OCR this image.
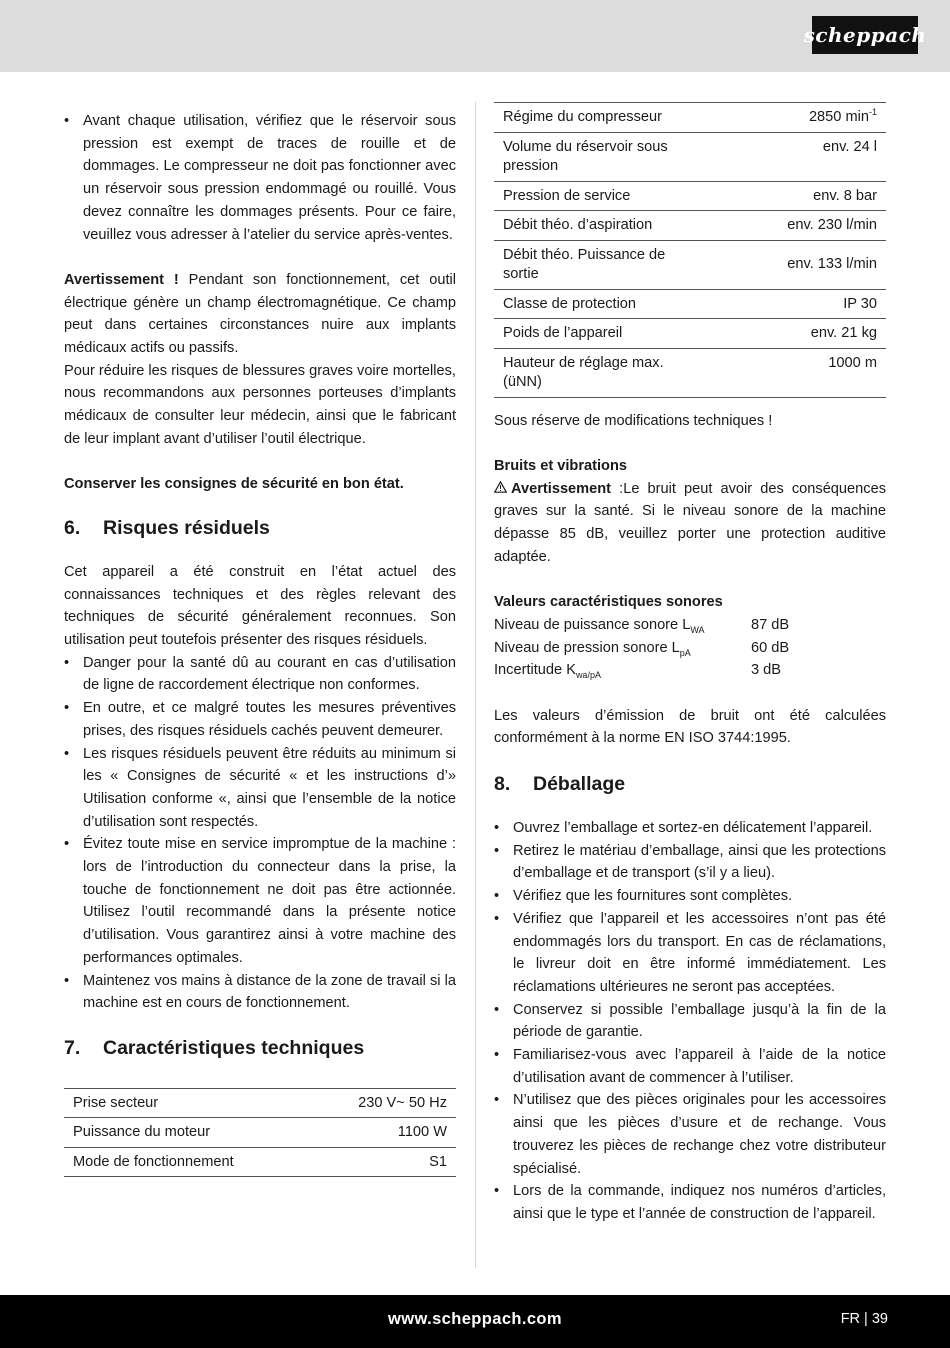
scheppach
• Avant chaque utilisation, vérifiez que le réservoir sous pression est exempt de traces de rouille et de dommages. Le compresseur ne doit pas fonctionner avec un réservoir sous pression endommagé ou rouillé. Vous devez connaître les dommages présents. Pour ce faire, veuillez vous adresser à l’atelier du service après-ventes.

Avertissement ! Pendant son fonctionnement, cet outil électrique génère un champ électromagnétique. Ce champ peut dans certaines circonstances nuire aux implants médicaux actifs ou passifs.

Pour réduire les risques de blessures graves voire mortelles, nous recommandons aux personnes porteuses d’implants médicaux de consulter leur médecin, ainsi que le fabricant de leur implant avant d’utiliser l’outil électrique.

Conserver les consignes de sécurité en bon état.

6.	Risques résiduels

Cet appareil a été construit en l’état actuel des connaissances techniques et des règles relevant des techniques de sécurité généralement reconnues. Son utilisation peut toutefois présenter des risques résiduels.

• Danger pour la santé dû au courant en cas d’utilisation de ligne de raccordement électrique non conformes.
• En outre, et ce malgré toutes les mesures préventives prises, des risques résiduels cachés peuvent demeurer.
• Les risques résiduels peuvent être réduits au minimum si les « Consignes de sécurité « et les instructions d’» Utilisation conforme «, ainsi que l’ensemble de la notice d’utilisation sont respectés.
• Évitez toute mise en service impromptue de la machine : lors de l’introduction du connecteur dans la prise, la touche de fonctionnement ne doit pas être actionnée. Utilisez l’outil recommandé dans la présente notice d’utilisation. Vous garantirez ainsi à votre machine des performances optimales.
• Maintenez vos mains à distance de la zone de travail si la machine est en cours de fonctionnement.
7.	Caractéristiques techniques
Prise secteur	230 V~ 50 Hz
Puissance du moteur	1100 W
Mode de fonctionnement	S1
Régime du compresseur	2850 $\min^{-1}$
Volume du réservoir sous pression	env. 24 l
Pression de service	env. 8 bar
Débit théo. d’aspiration	env. 230 l/min
Débit théo. Puissance de sortie	env. 133 l/min
Classe de protection	IP 30
Poids de l’appareil	env. 21 kg
Hauteur de réglage max. (üNN)	1000 m

Sous réserve de modifications techniques !

Bruits et vibrations

Avertissement :Le bruit peut avoir des conséquences graves sur la santé. Si le niveau sonore de la machine dépasse 85 dB, veuillez porter une protection auditive adaptée.

Valeurs caractéristiques sonores

Niveau de puissance sonore $L_{WA}$	87 dB
Niveau de pression sonore $L_{pA}$	60 dB
Incertitude $K_{wa/pA}$	3 dB

Les valeurs d’émission de bruit ont été calculées conformément à la norme EN ISO 3744:1995.

8.	Déballage
• Ouvrez l’emballage et sortez-en délicatement l’appareil.
• Retirez le matériau d’emballage, ainsi que les protections d’emballage et de transport (s’il y a lieu).
• Vérifiez que les fournitures sont complètes.
• Vérifiez que l’appareil et les accessoires n’ont pas été endommagés lors du transport. En cas de réclamations, le livreur doit en être informé immédiatement. Les réclamations ultérieures ne seront pas acceptées.
• Conservez si possible l’emballage jusqu’à la fin de la période de garantie.
• Familiarisez-vous avec l’appareil à l’aide de la notice d’utilisation avant de commencer à l’utiliser.
• N’utilisez que des pièces originales pour les accessoires ainsi que les pièces d’usure et de rechange. Vous trouverez les pièces de rechange chez votre distributeur spécialisé.
• Lors de la commande, indiquez nos numéros d’articles, ainsi que le type et l’année de construction de l’appareil.
www.scheppach.com	FR | 39
